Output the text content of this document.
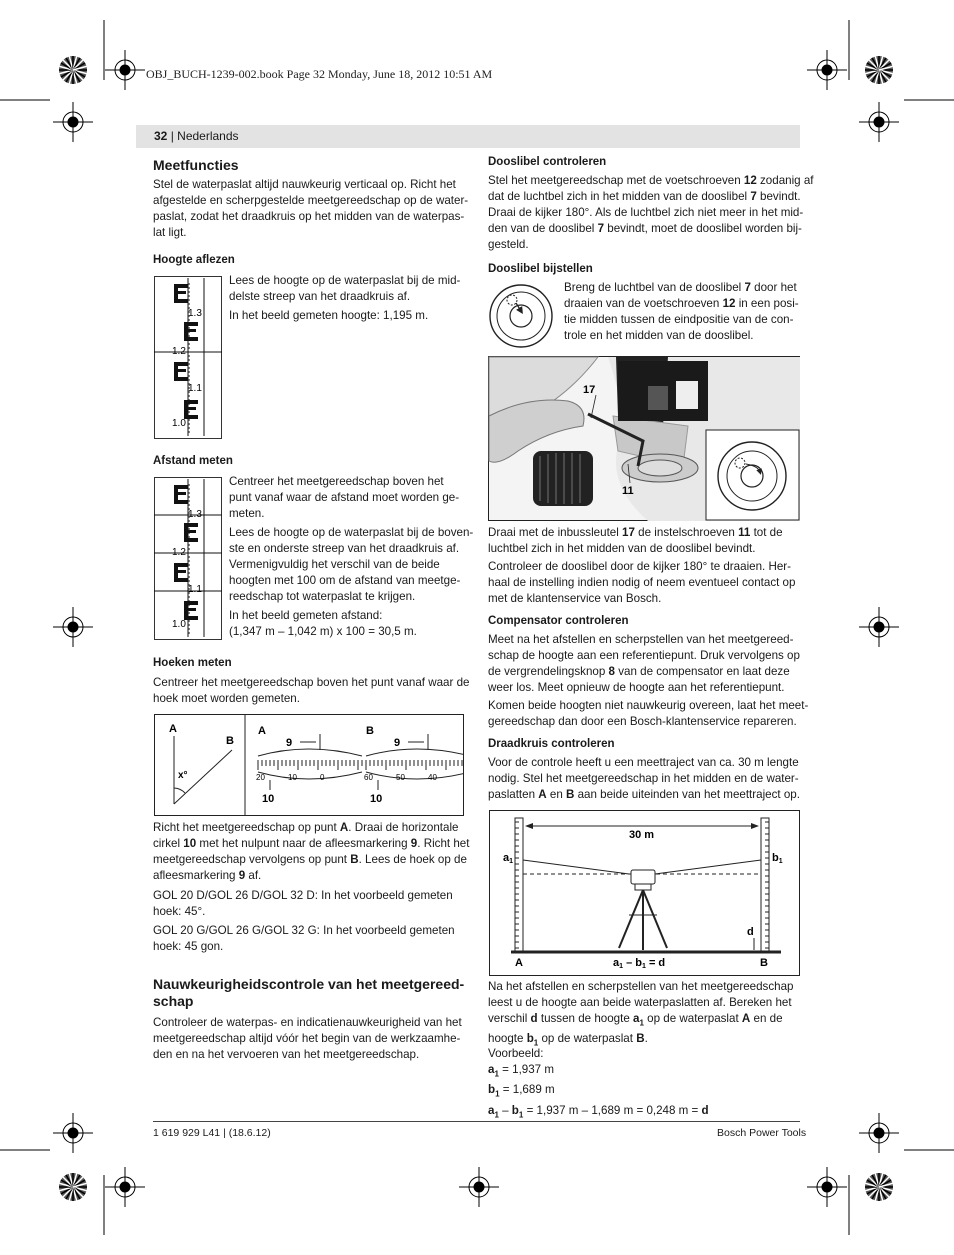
OBJ_BUCH-1239-002.book Page 32 Monday, June 18, 2012 10:51 AM
32 | Nederlands
Meetfuncties
Stel de waterpaslat altijd nauwkeurig verticaal op. Richt het
afgestelde en scherpgestelde meetgereedschap op de water-
paslat, zodat het draadkruis op het midden van de waterpas-
lat ligt.
Hoogte aflezen
1.3
1.2
1.1
1.0
Lees de hoogte op de waterpaslat bij de mid-
delste streep van het draadkruis af.
In het beeld gemeten hoogte: 1,195 m.
Afstand meten
1.3
1.2
1.1
1.0
Centreer het meetgereedschap boven het
punt vanaf waar de afstand moet worden ge-
meten.
Lees de hoogte op de waterpaslat bij de boven-
ste en onderste streep van het draadkruis af.
Vermenigvuldig het verschil van de beide
hoogten met 100 om de afstand van meetge-
reedschap tot waterpaslat te krijgen.
In het beeld gemeten afstand:
(1,347 m – 1,042 m) x 100 = 30,5 m.
Hoeken meten
Centreer het meetgereedschap boven het punt vanaf waar de
hoek moet worden gemeten.
A
B
x°
9
10
A
20	10	0
9
10
B
60	50	40
Richt het meetgereedschap op punt A. Draai de horizontale
cirkel 10 met het nulpunt naar de afleesmarkering 9. Richt het
meetgereedschap vervolgens op punt B. Lees de hoek op de
afleesmarkering 9 af.
GOL 20 D/GOL 26 D/GOL 32 D: In het voorbeeld gemeten
hoek: 45°.
GOL 20 G/GOL 26 G/GOL 32 G: In het voorbeeld gemeten
hoek: 45 gon.
Nauwkeurigheidscontrole van het meetgereed-
schap
Controleer de waterpas- en indicatienauwkeurigheid van het
meetgereedschap altijd vóór het begin van de werkzaamhe-
den en na het vervoeren van het meetgereedschap.
Dooslibel controleren
Stel het meetgereedschap met de voetschroeven 12 zodanig af
dat de luchtbel zich in het midden van de dooslibel 7 bevindt.
Draai de kijker 180°. Als de luchtbel zich niet meer in het mid-
den van de dooslibel 7 bevindt, moet de dooslibel worden bij-
gesteld.
Dooslibel bijstellen
Breng de luchtbel van de dooslibel 7 door het
draaien van de voetschroeven 12 in een posi-
tie midden tussen de eindpositie van de con-
trole en het midden van de dooslibel.
17
11
Draai met de inbussleutel 17 de instelschroeven 11 tot de
luchtbel zich in het midden van de dooslibel bevindt.
Controleer de dooslibel door de kijker 180° te draaien. Her-
haal de instelling indien nodig of neem eventueel contact op
met de klantenservice van Bosch.
Compensator controleren
Meet na het afstellen en scherpstellen van het meetgereed-
schap de hoogte aan een referentiepunt. Druk vervolgens op
de vergrendelingsknop 8 van de compensator en laat deze
weer los. Meet opnieuw de hoogte aan het referentiepunt.
Komen beide hoogten niet nauwkeurig overeen, laat het meet-
gereedschap dan door een Bosch-klantenservice repareren.
Draadkruis controleren
Voor de controle heeft u een meettraject van ca. 30 m lengte
nodig. Stel het meetgereedschap in het midden en de water-
paslatten A en B aan beide uiteinden van het meettraject op.
30 m
a1	b1
d
A	B
a1 – b1 = d
Na het afstellen en scherpstellen van het meetgereedschap
leest u de hoogte aan beide waterpaslatten af. Bereken het
verschil d tussen de hoogte $a_1$ op de waterpaslat A en de
hoogte $b_1$ op de waterpaslat B.
Voorbeeld:
$a_1 = 1,937$ m
$b_1 = 1,689$ m
$a_1 - b_1 = 1,937$ m – 1,689 m = 0,248 m = d
1 619 929 L41 | (18.6.12)	Bosch Power Tools
